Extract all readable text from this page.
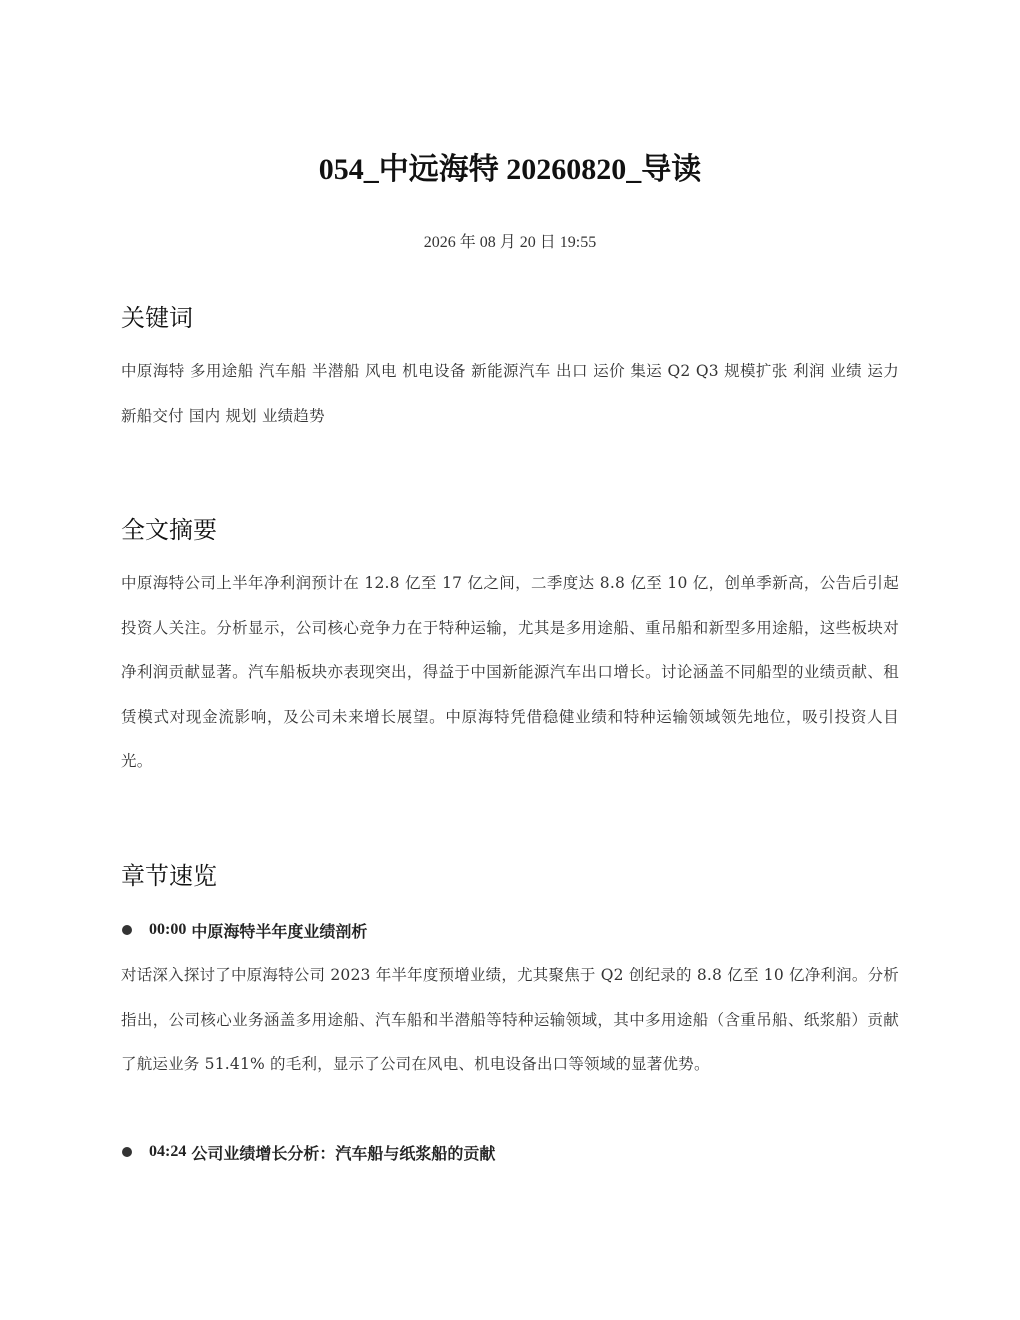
054_中远海特 20260820_导读
2026 年 08 月 20 日 19:55
关键词

中原海特 多用途船 汽车船 半潜船 风电 机电设备 新能源汽车 出口 运价 集运 Q2 Q3 规模扩张 利润 业绩 运力 新船交付 国内 规划 业绩趋势

全文摘要

中原海特公司上半年净利润预计在 12.8 亿至 17 亿之间，二季度达 8.8 亿至 10 亿，创单季新高，公告后引起投资人关注。分析显示，公司核心竞争力在于特种运输，尤其是多用途船、重吊船和新型多用途船，这些板块对净利润贡献显著。汽车船板块亦表现突出，得益于中国新能源汽车出口增长。讨论涵盖不同船型的业绩贡献、租赁模式对现金流影响，及公司未来增长展望。中原海特凭借稳健业绩和特种运输领域领先地位，吸引投资人目光。

章节速览
00:00 中原海特半年度业绩剖析

对话深入探讨了中原海特公司 2023 年半年度预增业绩，尤其聚焦于 Q2 创纪录的 8.8 亿至 10 亿净利润。分析指出，公司核心业务涵盖多用途船、汽车船和半潜船等特种运输领域，其中多用途船（含重吊船、纸浆船）贡献了航运业务 51.41% 的毛利，显示了公司在风电、机电设备出口等领域的显著优势。

04:24 公司业绩增长分析：汽车船与纸浆船的贡献
